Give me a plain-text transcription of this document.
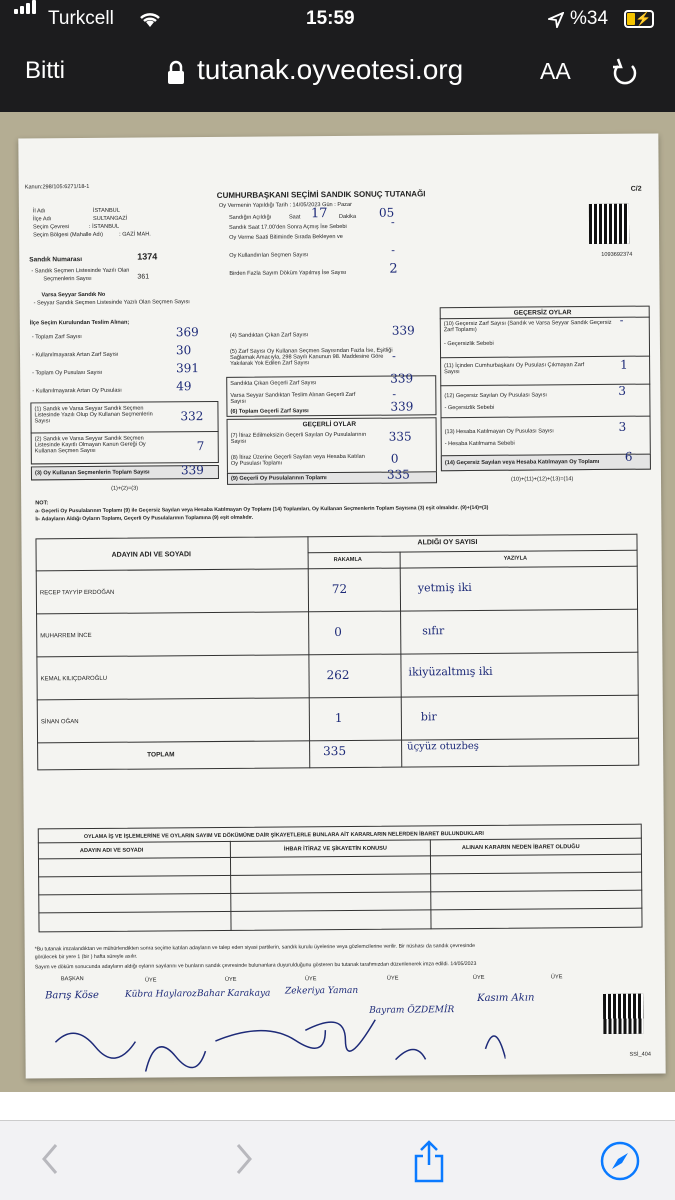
Turkcell	15:59	%34 ⚡
Bitti	tutanak.oyveotesi.org	AA
Kanun:298/105:6271/18-1	C/2
CUMHURBAŞKANI SEÇİMİ SANDIK SONUÇ TUTANAĞI
İl Adı	İSTANBUL
İlçe Adı	SULTANGAZİ
Seçim Çevresi	: İSTANBUL
Seçim Bölgesi (Mahalle Adı)	: GAZİ MAH.
Oy Vermenin Yapıldığı Tarih : 14/05/2023 Gün : Pazar
Sandığın Açıldığı	Saat 17 Dakika 05
Sandık Saat 17.00'den Sonra Açmış İse Sebebi	-
Oy Verme Saati Bitiminde Sırada Bekleyen ve
Oy Kullandırılan Seçmen Sayısı	-
Birden Fazla Sayım Döküm Yapılmış İse Sayısı	2
1093692374
Sandık Numarası	1374
- Sandık Seçmen Listesinde Yazılı Olan
Seçmenlerin Sayısı	361
Varsa Seyyar Sandık No
- Seyyar Sandık Seçmen Listesinde Yazılı Olan Seçmen Sayısı
İlçe Seçim Kurulundan Teslim Alınan;
- Toplam Zarf Sayısı	369
- Kullanılmayarak Artan Zarf Sayısı	30
- Toplam Oy Pusulası Sayısı	391
- Kullanılmayarak Artan Oy Pusulası	49
(1) Sandık ve Varsa Seyyar Sandık Seçmen Listesinde Yazılı Olup Oy Kullanan Seçmenlerin Sayısı	332
(2) Sandık ve Varsa Seyyar Sandık Seçmen Listesinde Kayıtlı Olmayan Kanun Gereği Oy Kullanan Seçmen Sayısı	7
(3) Oy Kullanan Seçmenlerin Toplam Sayısı	339
(1)+(2)=(3)
(4) Sandıktan Çıkan Zarf Sayısı	339
(5) Zarf Sayısı Oy Kullanan Seçmen Sayısından Fazla İse, Eşitliği Sağlamak Amacıyla, 298 Sayılı Kanunun 98. Maddesine Göre Yakılarak Yok Edilen Zarf Sayısı
-
Sandıkta Çıkan Geçerli Zarf Sayısı	339
Varsa Seyyar Sandıktan Teslim Alınan Geçerli Zarf Sayısı
-
(6) Toplam Geçerli Zarf Sayısı	339
GEÇERLİ OYLAR
(7) İtiraz Edilmeksizin Geçerli Sayılan Oy Pusulalarının Sayısı	335
(8) İtiraz Üzerine Geçerli Sayılan veya Hesaba Katılan Oy Pusulası Toplamı	0
(9) Geçerli Oy Pusulalarının Toplamı	335
GEÇERSİZ OYLAR
(10) Geçersiz Zarf Sayısı (Sandık ve Varsa Seyyar Sandık Geçersiz Zarf Toplamı)
-
- Geçersizlik Sebebi
(11) İçinden Cumhurbaşkanı Oy Pusulası Çıkmayan Zarf Sayısı
1
(12) Geçersiz Sayılan Oy Pusulası Sayısı	3
- Geçersizlik Sebebi
(13) Hesaba Katılmayan Oy Pusulası Sayısı	3
- Hesaba Katılmama Sebebi
(14) Geçersiz Sayılan veya Hesaba Katılmayan Oy Toplamı 6
(10)+(11)+(12)+(13)=(14)
NOT:
a- Geçerli Oy Pusulalarının Toplamı (9) ile Geçersiz Sayılan veya Hesaba Katılmayan Oy Toplamı (14) Toplamları, Oy Kullanan Seçmenlerin Toplam Sayısına (3) eşit olmalıdır. (9)+(14)=(3)
b- Adayların Aldığı Oyların Toplamı, Geçerli Oy Pusulalarının Toplamına (9) eşit olmalıdır.
ADAYIN ADI VE SOYADI
ALDIĞI OY SAYISI
RAKAMLA	YAZIYLA
RECEP TAYYİP ERDOĞAN	72	yetmiş iki
MUHARREM İNCE	0	sıfır
KEMAL KILIÇDAROĞLU	262	ikiyüzaltmış iki
SİNAN OĞAN	1	bir
TOPLAM	335	üçyüz otuzbeş
OYLAMA İŞ VE İŞLEMLERİNE VE OYLARIN SAYIM VE DÖKÜMÜNE DAİR ŞİKAYETLERLE BUNLARA AİT KARARLARIN NELERDEN İBARET BULUNDUKLARI
ADAYIN ADI VE SOYADI	İHBAR İTİRAZ VE ŞİKAYETİN KONUSU	ALINAN KARARIN NEDEN İBARET OLDUĞU
*Bu tutanak imzalandıktan ve mühürlendikten sonra seçime katılan adayların ve talep eden siyasi partilerin, sandık kurulu üyelerine veya gözlemcilerine verilir. Bir nüshası da sandık çevresinde
görülecek bir yere 1 (bir ) hafta süreyle asılır.
Sayım ve döküm sonucunda adayların aldığı oyların sayılarını ve bunların sandık çevresinde bulunanlara duyurulduğunu gösteren bu tutanak tarafımızdan düzenlenerek imza edildi. 14/05/2023
BAŞKAN	ÜYE	ÜYE	ÜYE	ÜYE	ÜYE	ÜYE
Barış Köse	Kübra Haylaroz Bahar Karakaya Zekeriya Yaman
Bayram ÖZDEMİR
Kasım Akın
SSİ_404
